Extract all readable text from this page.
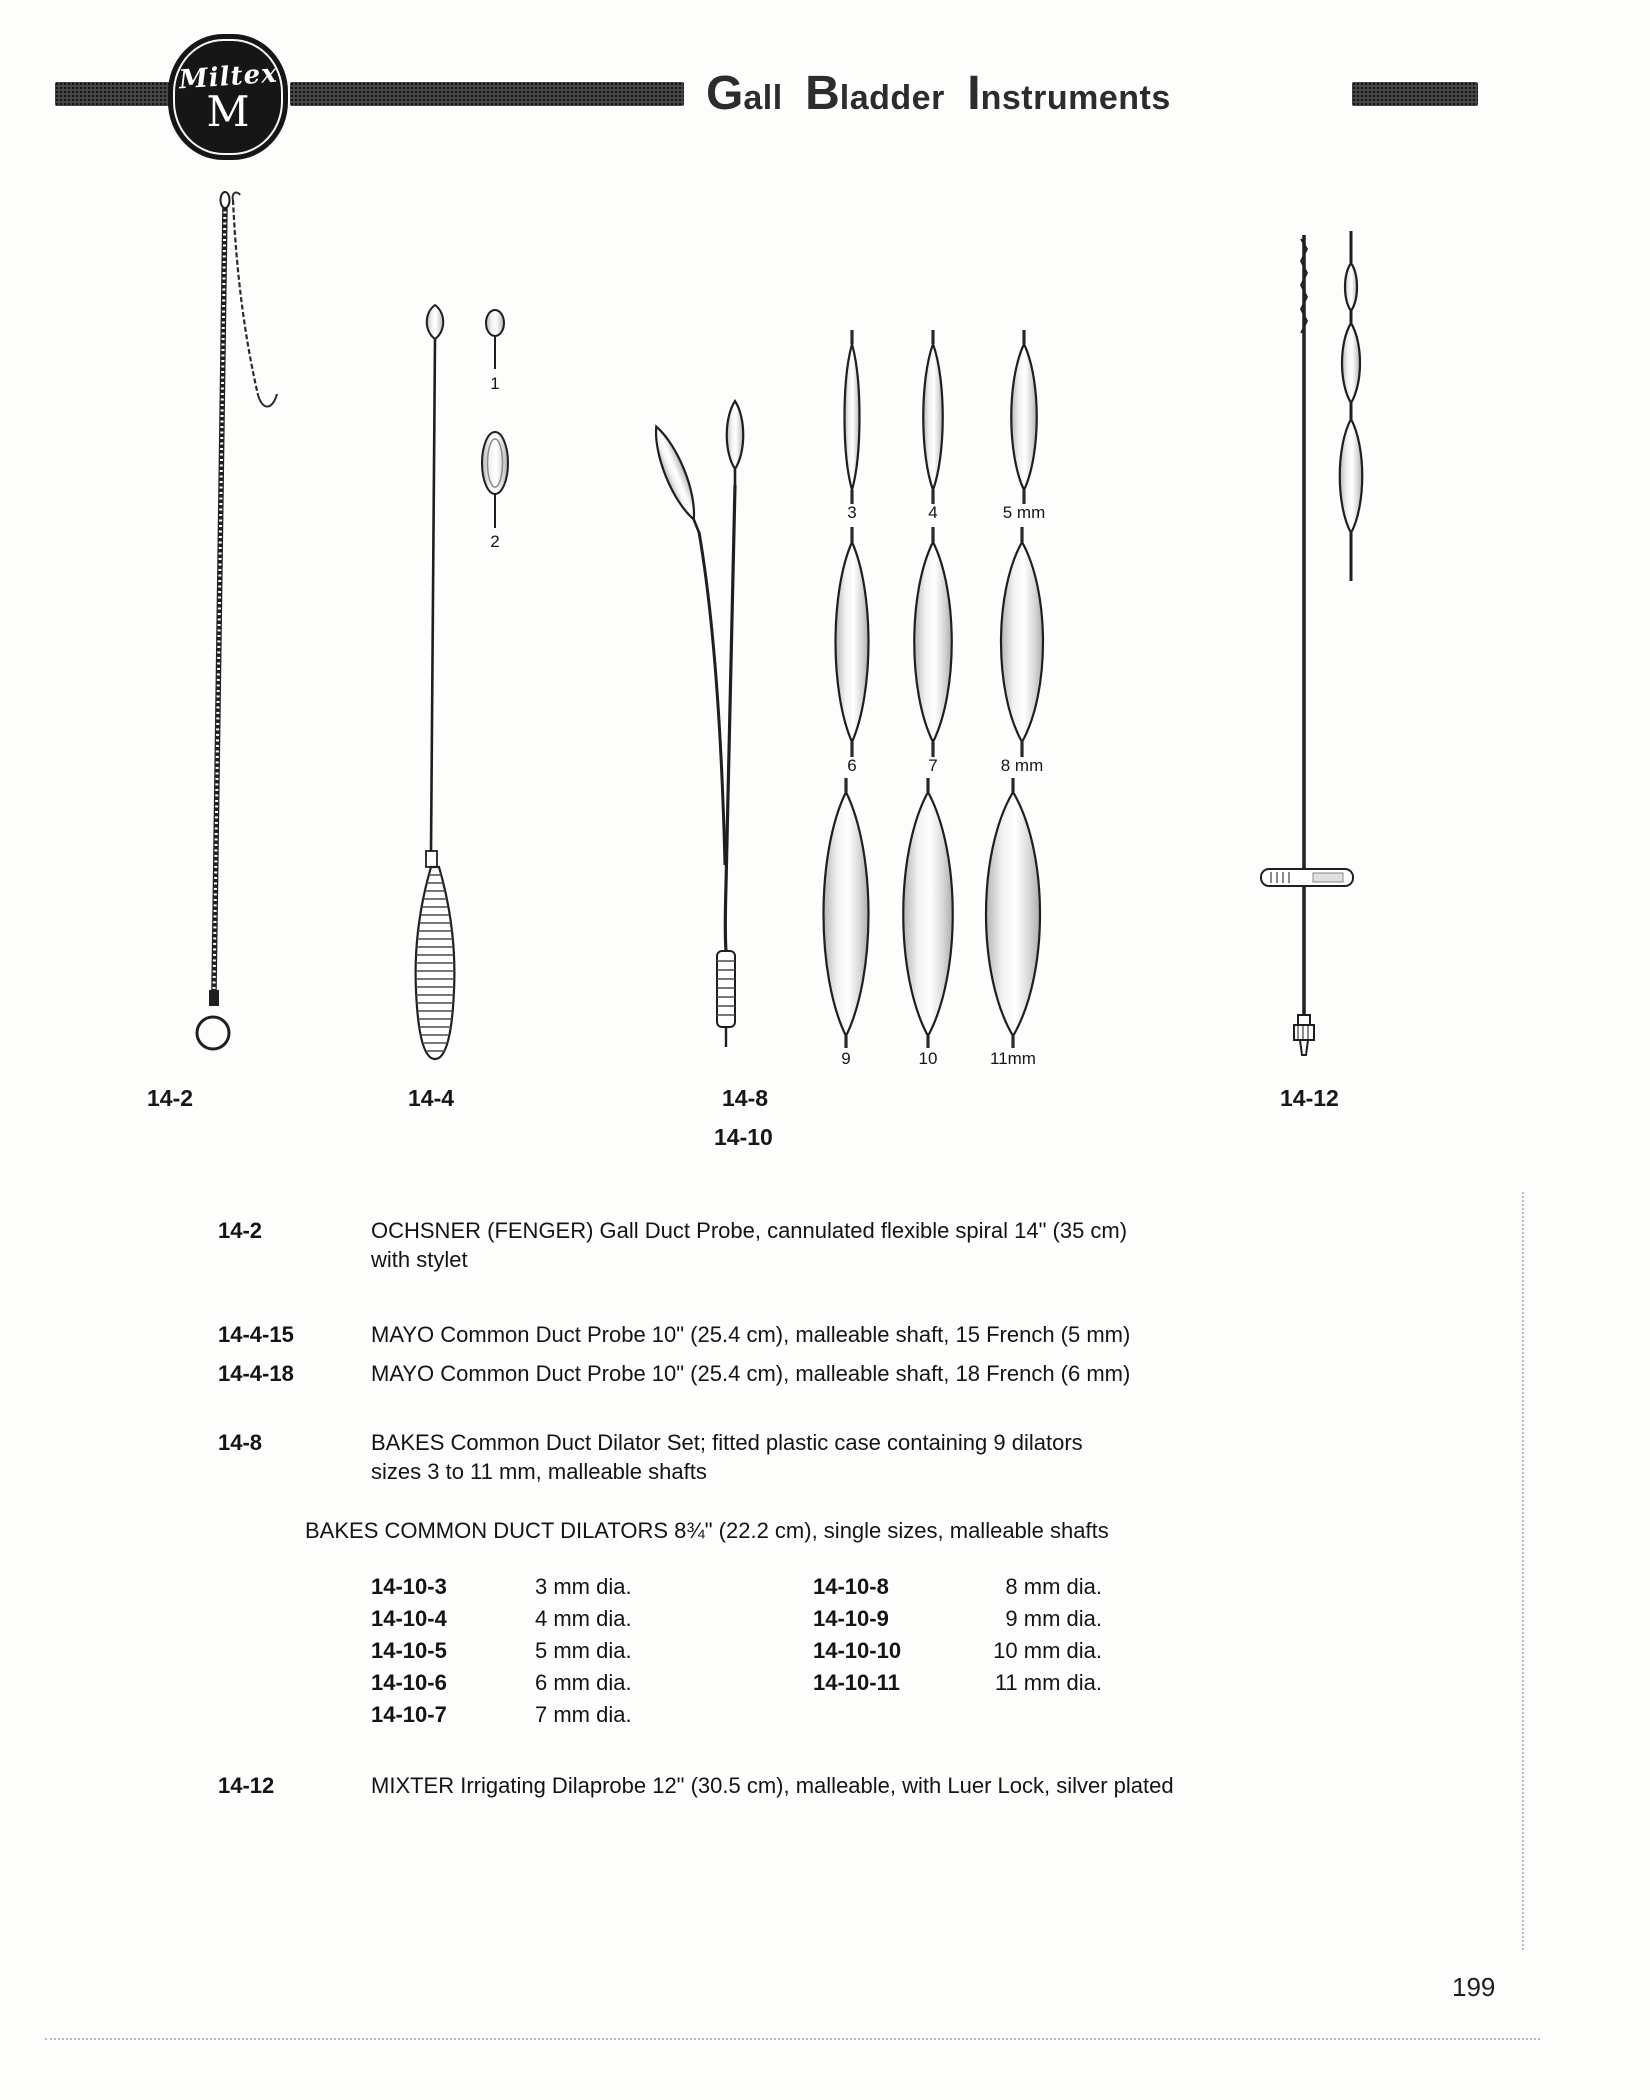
Miltex
M	Gall Bladder Instruments
1
2
3	4	5 mm
6	7	8 mm
9	10	11mm
14-2	14-4	14-8
14-10
14-12
14-2	OCHSNER (FENGER) Gall Duct Probe, cannulated flexible spiral 14" (35 cm)
with stylet
14-4-15	MAYO Common Duct Probe 10" (25.4 cm), malleable shaft, 15 French (5 mm)
14-4-18	MAYO Common Duct Probe 10" (25.4 cm), malleable shaft, 18 French (6 mm)
14-8	BAKES Common Duct Dilator Set; fitted plastic case containing 9 dilators
sizes 3 to 11 mm, malleable shafts
BAKES COMMON DUCT DILATORS 8¾" (22.2 cm), single sizes, malleable shafts
14-10-3	3 mm dia.	14-10-8	8 mm dia.
14-10-4	4 mm dia.	14-10-9	9 mm dia.
14-10-5	5 mm dia.	14-10-10	10 mm dia.
14-10-6	6 mm dia.	14-10-11	11 mm dia.
14-10-7	7 mm dia.
14-12	MIXTER Irrigating Dilaprobe 12" (30.5 cm), malleable, with Luer Lock, silver plated
199
